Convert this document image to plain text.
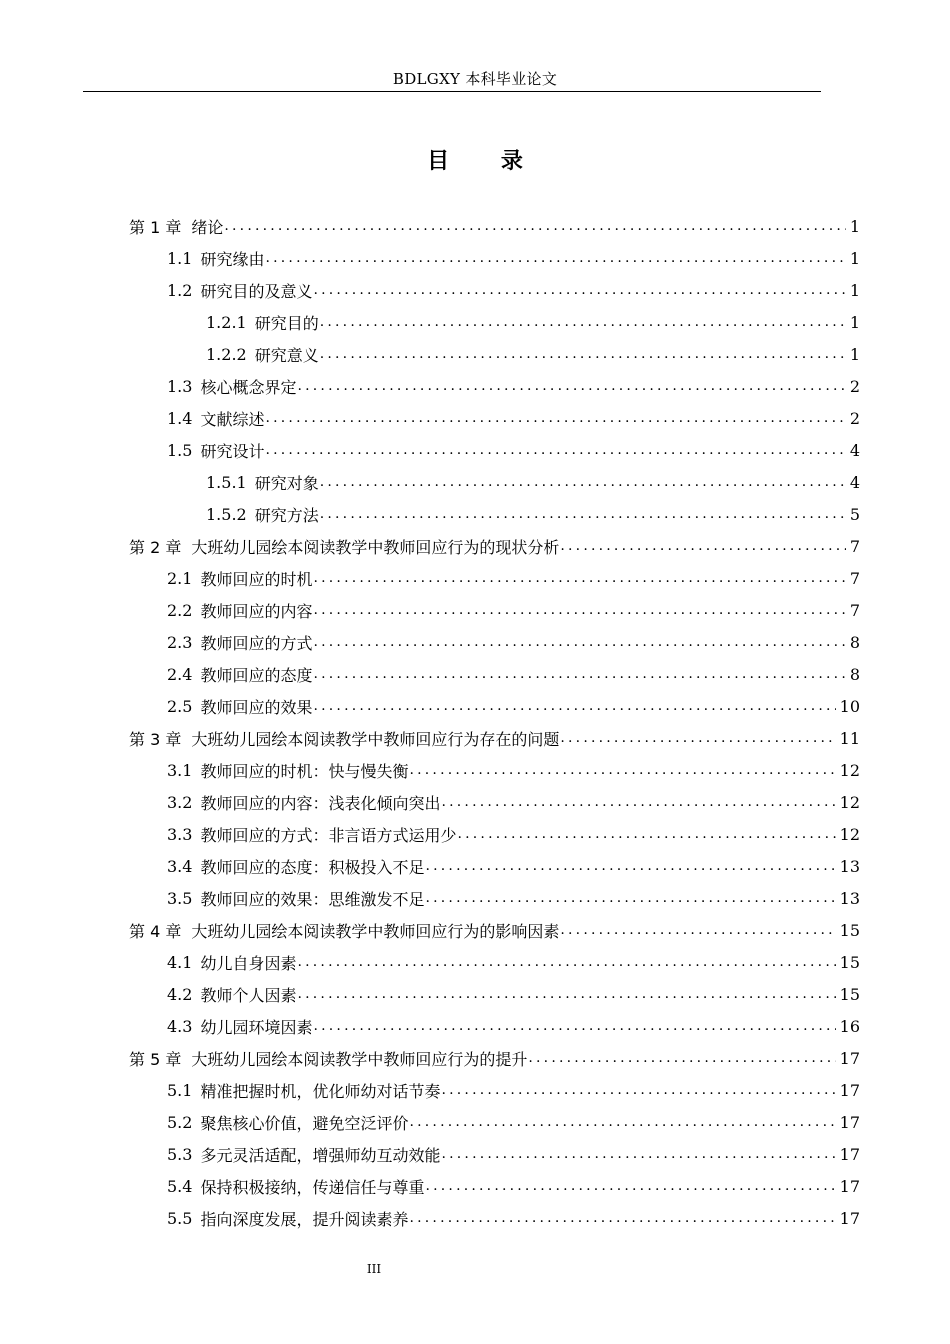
BDLGXY 本科毕业论文
目 录
第 1 章 绪论 .....	1
1.1 研究缘由 .....	1
1.2 研究目的及意义 .....	1
1.2.1 研究目的 .....	1
1.2.2 研究意义 .....	1
1.3 核心概念界定 .....	2
1.4 文献综述 .....	2
1.5 研究设计 .....	4
1.5.1 研究对象 .....	4
1.5.2 研究方法 .....	5
第 2 章 大班幼儿园绘本阅读教学中教师回应行为的现状分析 .....	7
2.1 教师回应的时机 .....	7
2.2 教师回应的内容 .....	7
2.3 教师回应的方式 .....	8
2.4 教师回应的态度 .....	8
2.5 教师回应的效果 .....	10
第 3 章 大班幼儿园绘本阅读教学中教师回应行为存在的问题 .....	11
3.1 教师回应的时机：快与慢失衡 .....	12
3.2 教师回应的内容：浅表化倾向突出 .....	12
3.3 教师回应的方式：非言语方式运用少 .....	12
3.4 教师回应的态度：积极投入不足 .....	13
3.5 教师回应的效果：思维激发不足 .....	13
第 4 章 大班幼儿园绘本阅读教学中教师回应行为的影响因素 .....	15
4.1 幼儿自身因素 .....	15
4.2 教师个人因素 .....	15
4.3 幼儿园环境因素 .....	16
第 5 章 大班幼儿园绘本阅读教学中教师回应行为的提升 .....	17
5.1 精准把握时机，优化师幼对话节奏 .....	17
5.2 聚焦核心价值，避免空泛评价 .....	17
5.3 多元灵活适配，增强师幼互动效能 .....	17
5.4 保持积极接纳，传递信任与尊重 .....	17
5.5 指向深度发展，提升阅读素养 .....	17
III
